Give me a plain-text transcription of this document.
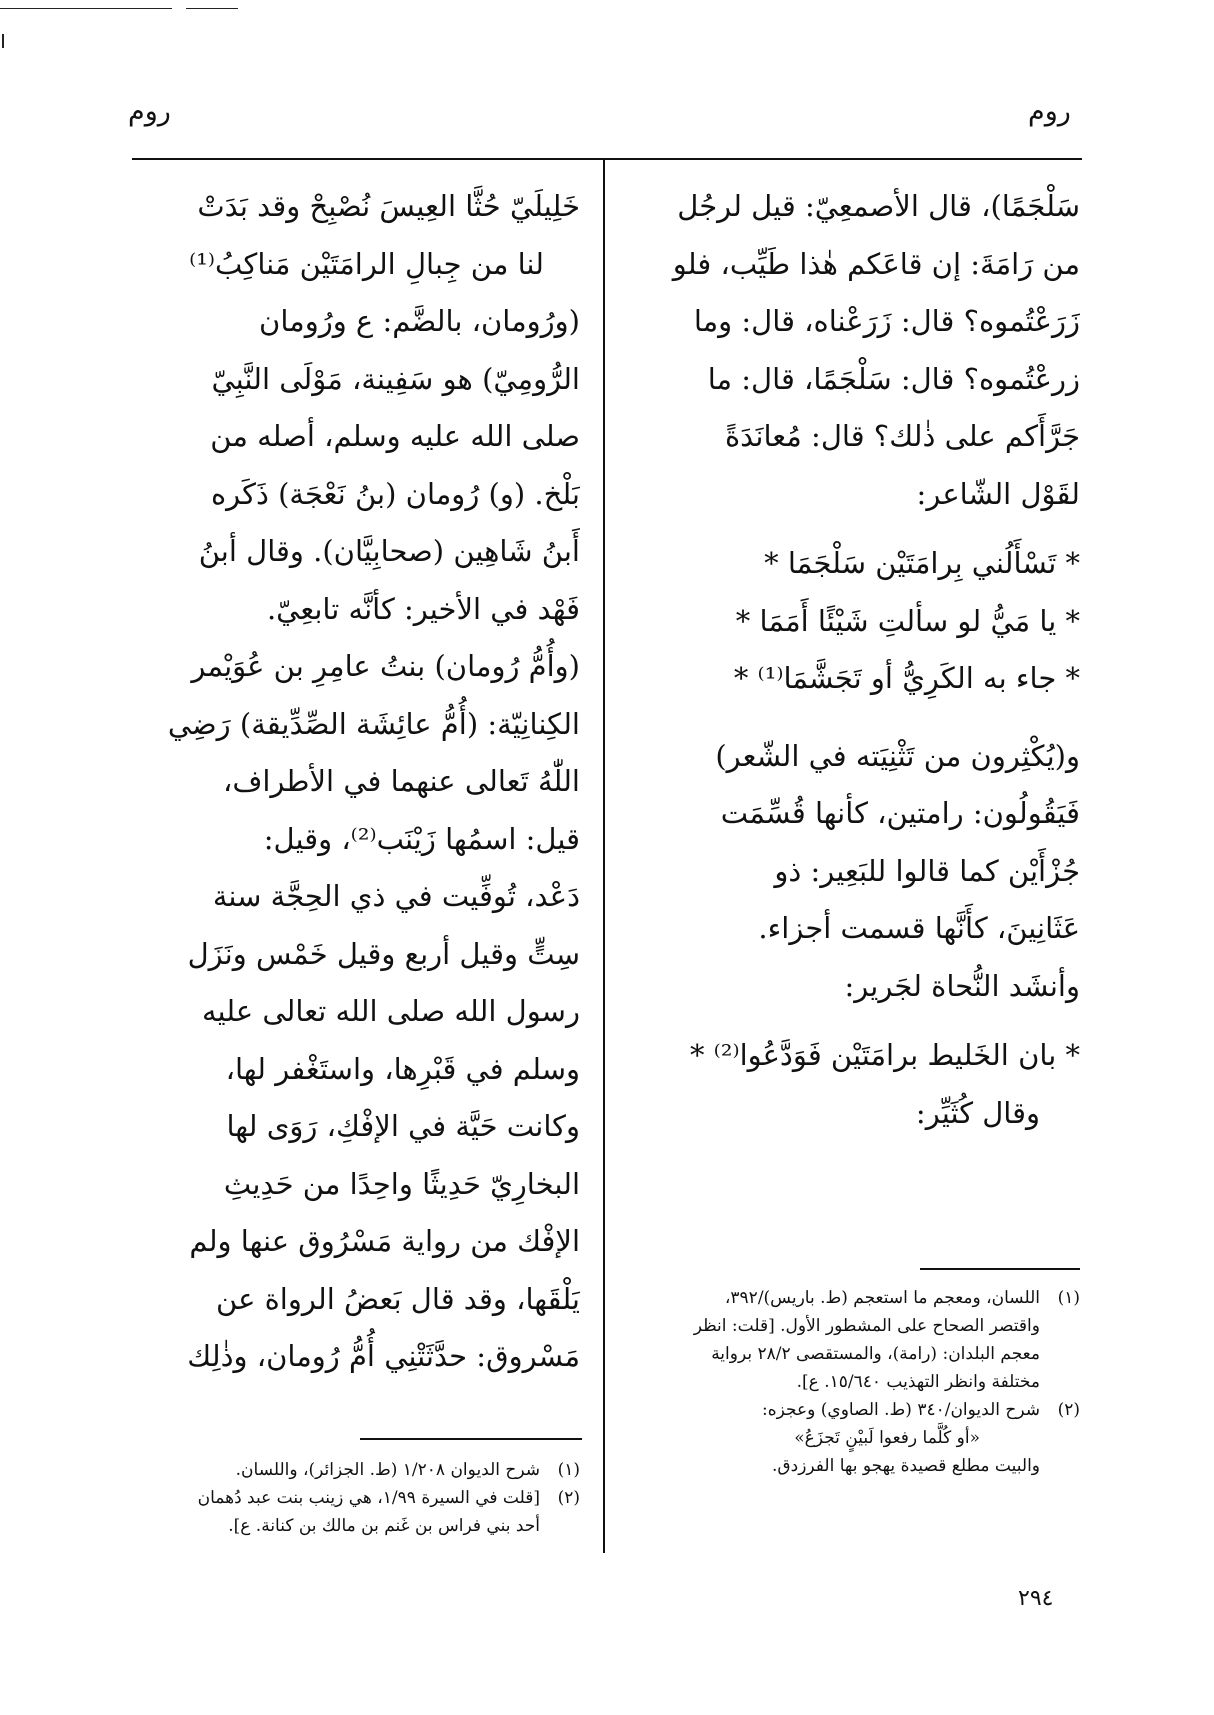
روم
روم
سَلْجَمًا)، قال الأصمعِيّ: قيل لرجُل
من رَامَةَ: إن قاعَكم هٰذا طَيِّب، فلو
زَرَعْتُموه؟ قال: زَرَعْناه، قال: وما
زرعْتُموه؟ قال: سَلْجَمًا، قال: ما
جَرَّأَكم على ذٰلك؟ قال: مُعانَدَةً
لقَوْل الشّاعر:
* تَسْأَلُني بِرامَتَيْن سَلْجَمَا *
* يا مَيُّ لو سألتِ شَيْئًا أَمَمَا *
* جاء به الكَرِيُّ أو تَجَشَّمَا⁽¹⁾ *
و(يُكْثِرون من تَثْنِيَته في الشّعر)
فَيَقُولُون: رامتين، كأنها قُسِّمَت
جُزْأَيْن كما قالوا للبَعِير: ذو
عَثَانِينَ، كأَنَّها قسمت أجزاء.
وأنشَد النُّحاة لجَرير:
* بان الخَليط برامَتَيْن فَوَدَّعُوا⁽²⁾ *
وقال كُثَيِّر:
(١)
اللسان، ومعجم ما استعجم (ط. باريس)/٣٩٢،
واقتصر الصحاح على المشطور الأول. [قلت: انظر
معجم البلدان: (رامة)، والمستقصى ٢٨/٢ برواية
مختلفة وانظر التهذيب ١٥/٦٤٠. ع].
(٢)
شرح الديوان/٣٤٠ (ط. الصاوي) وعجزه:
«أو كُلَّما رفعوا لَبيْنٍ تَجزَعُ»
والبيت مطلع قصيدة يهجو بها الفرزدق.
خَلِيلَيّ حُثَّا العِيسَ نُصْبِحْ وقد بَدَتْ
لنا من جِبالِ الرامَتَيْن مَناكِبُ⁽¹⁾
(ورُومان، بالضَّم: ع ورُومان
الرُّومِيّ) هو سَفِينة، مَوْلَى النَّبِيّ
صلى الله عليه وسلم، أصله من
بَلْخ. (و) رُومان (بنُ نَعْجَة) ذَكَره
أَبنُ شَاهِين (صحابِيَّان). وقال أبنُ
فَهْد في الأخير: كأنَّه تابعِيّ.
(وأُمُّ رُومان) بنتُ عامِرِ بن عُوَيْمر
الكِنانِيّة: (أُمُّ عائِشَة الصِّدِّيقة) رَضِي
اللّٰهُ تَعالى عنهما في الأطراف،
قيل: اسمُها زَيْنَب⁽²⁾، وقيل:
دَعْد، تُوفِّيت في ذي الحِجَّة سنة
سِتٍّ وقيل أربع وقيل خَمْس ونَزَل
رسول الله صلى الله تعالى عليه
وسلم في قَبْرِها، واستَغْفر لها،
وكانت حَيَّة في الإفْكِ، رَوَى لها
البخارِيّ حَدِيثًا واحِدًا من حَدِيثِ
الإفْك من رواية مَسْرُوق عنها ولم
يَلْقَها، وقد قال بَعضُ الرواة عن
مَسْروق: حدَّثَتْنِي أُمُّ رُومان، وذٰلِك
(١)
شرح الديوان ١/٢٠٨ (ط. الجزائر)، واللسان.
(٢)
[قلت في السيرة ١/٩٩، هي زينب بنت عبد دُهمان
أحد بني فراس بن غَنم بن مالك بن كنانة. ع].
٢٩٤
